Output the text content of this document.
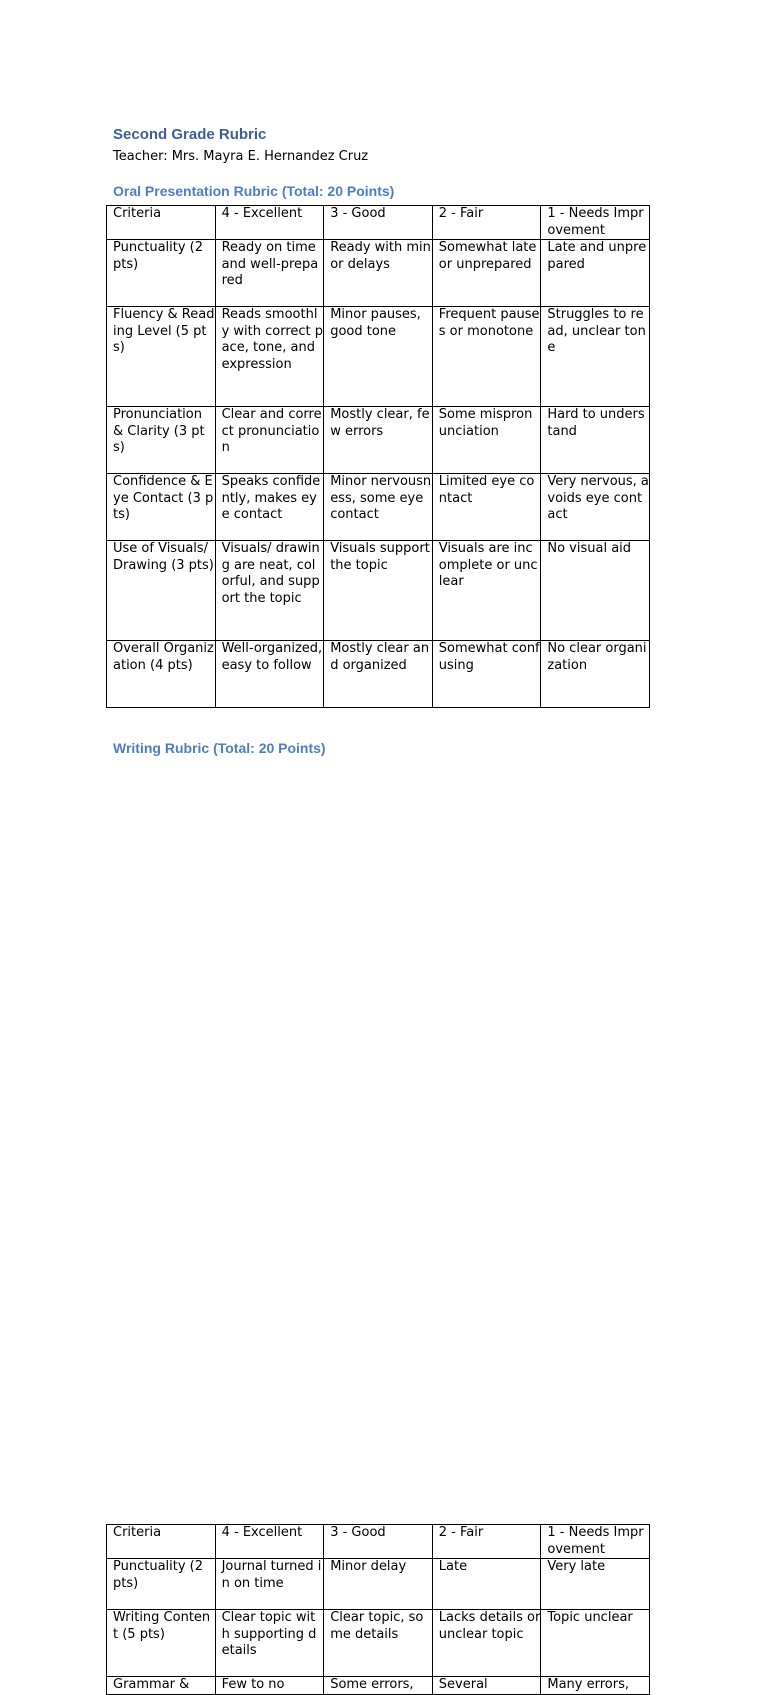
Second Grade Rubric

Teacher: Mrs. Mayra E. Hernandez Cruz

Oral Presentation Rubric (Total: 20 Points)
Criteria	4 - Excellent	3 - Good	2 - Fair	1 - Needs Improvement
Punctuality (2 pts)	Ready on time and well-prepared	Ready with minor delays	Somewhat late or unprepared	Late and unprepared
Fluency & Reading Level (5 pts)	Reads smoothly with correct pace, tone, and expression	Minor pauses, good tone	Frequent pauses or monotone	Struggles to read, unclear tone
Pronunciation & Clarity (3 pts)	Clear and correct pronunciation	Mostly clear, few errors	Some mispronunciation	Hard to understand
Confidence & Eye Contact (3 pts)	Speaks confidently, makes eye contact	Minor nervousness, some eye contact	Limited eye contact	Very nervous, avoids eye contact
Use of Visuals/Drawing (3 pts)	Visuals/ drawing are neat, colorful, and support the topic	Visuals support the topic	Visuals are incomplete or unclear	No visual aid
Overall Organization (4 pts)	Well-organized, easy to follow	Mostly clear and organized	Somewhat confusing	No clear organization
Writing Rubric (Total: 20 Points)
Criteria	4 - Excellent	3 - Good	2 - Fair	1 - Needs Improvement
Punctuality (2 pts)	Journal turned in on time	Minor delay	Late	Very late
Writing Content (5 pts)	Clear topic with supporting details	Clear topic, some details	Lacks details or unclear topic	Topic unclear
Grammar &	Few to no	Some errors,	Several	Many errors,
